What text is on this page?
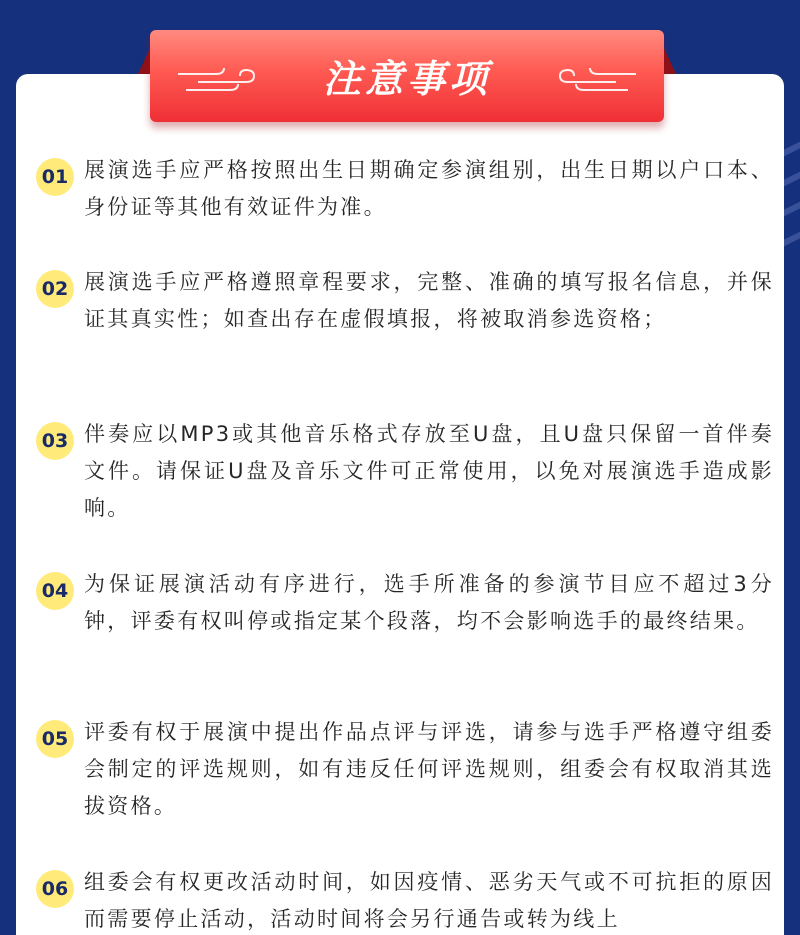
注意事项
01 展演选手应严格按照出生日期确定参演组别，出生日期以户口本、身份证等其他有效证件为准。
02 展演选手应严格遵照章程要求，完整、准确的填写报名信息，并保证其真实性；如查出存在虚假填报，将被取消参选资格；
03 伴奏应以MP3或其他音乐格式存放至U盘，且U盘只保留一首伴奏文件。请保证U盘及音乐文件可正常使用，以免对展演选手造成影响。
04 为保证展演活动有序进行，选手所准备的参演节目应不超过3分钟，评委有权叫停或指定某个段落，均不会影响选手的最终结果。
05 评委有权于展演中提出作品点评与评选，请参与选手严格遵守组委会制定的评选规则，如有违反任何评选规则，组委会有权取消其选拔资格。
06 组委会有权更改活动时间，如因疫情、恶劣天气或不可抗拒的原因而需要停止活动，活动时间将会另行通告或转为线上
